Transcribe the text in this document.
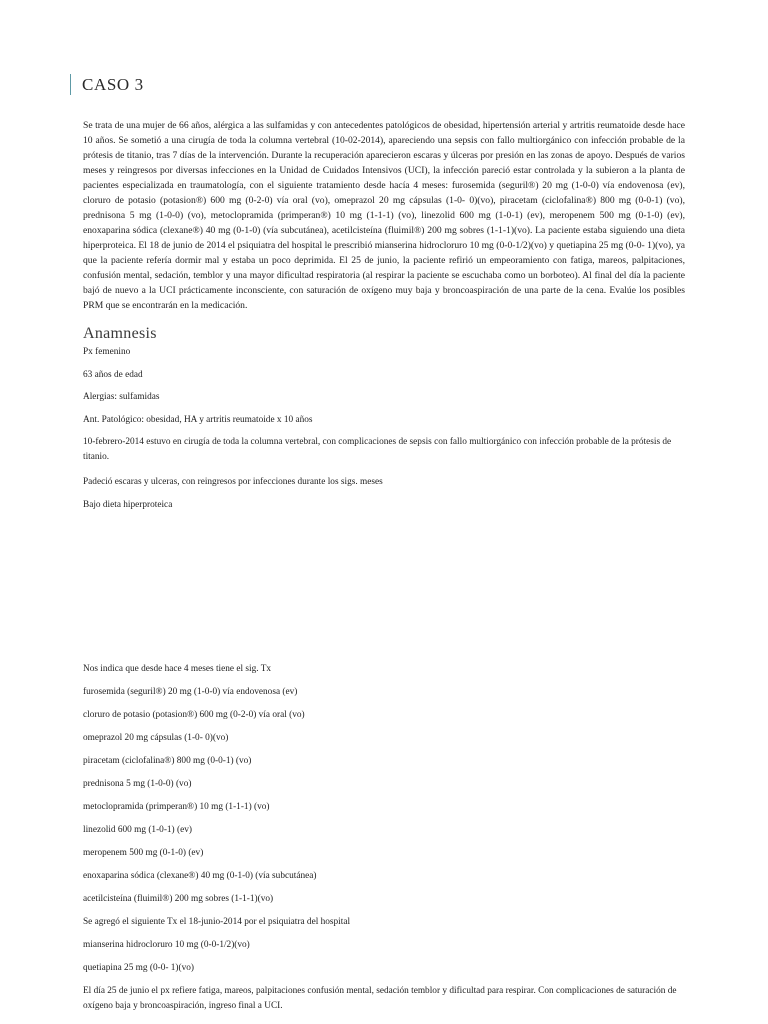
CASO 3

Se trata de una mujer de 66 años, alérgica a las sulfamidas y con antecedentes patológicos de obesidad, hipertensión arterial y artritis reumatoide desde hace 10 años. Se sometió a una cirugía de toda la columna vertebral (10-02-2014), apareciendo una sepsis con fallo multiorgánico con infección probable de la prótesis de titanio, tras 7 días de la intervención. Durante la recuperación aparecieron escaras y úlceras por presión en las zonas de apoyo. Después de varios meses y reingresos por diversas infecciones en la Unidad de Cuidados Intensivos (UCI), la infección pareció estar controlada y la subieron a la planta de pacientes especializada en traumatología, con el siguiente tratamiento desde hacía 4 meses: furosemida (seguril®) 20 mg (1-0-0) vía endovenosa (ev), cloruro de potasio (potasion®) 600 mg (0-2-0) vía oral (vo), omeprazol 20 mg cápsulas (1-0- 0)(vo), piracetam (ciclofalina®) 800 mg (0-0-1) (vo), prednisona 5 mg (1-0-0) (vo), metoclopramida (primperan®) 10 mg (1-1-1) (vo), linezolid 600 mg (1-0-1) (ev), meropenem 500 mg (0-1-0) (ev), enoxaparina sódica (clexane®) 40 mg (0-1-0) (vía subcutánea), acetilcisteína (fluimil®) 200 mg sobres (1-1-1)(vo). La paciente estaba siguiendo una dieta hiperproteica. El 18 de junio de 2014 el psiquiatra del hospital le prescribió mianserina hidrocloruro 10 mg (0-0-1/2)(vo) y quetiapina 25 mg (0-0- 1)(vo), ya que la paciente refería dormir mal y estaba un poco deprimida. El 25 de junio, la paciente refirió un empeoramiento con fatiga, mareos, palpitaciones, confusión mental, sedación, temblor y una mayor dificultad respiratoria (al respirar la paciente se escuchaba como un borboteo). Al final del día la paciente bajó de nuevo a la UCI prácticamente inconsciente, con saturación de oxígeno muy baja y broncoaspiración de una parte de la cena. Evalúe los posibles PRM que se encontrarán en la medicación.

Anamnesis

Px femenino

63 años de edad

Alergias: sulfamidas

Ant. Patológico: obesidad, HA y artritis reumatoide x 10 años

10-febrero-2014 estuvo en cirugía de toda la columna vertebral, con complicaciones de sepsis con fallo multiorgánico con infección probable de la prótesis de titanio.

Padeció escaras y ulceras, con reingresos por infecciones durante los sigs. meses

Bajo dieta hiperproteica

Nos indica que desde hace 4 meses tiene el sig. Tx

furosemida (seguril®) 20 mg (1-0-0) vía endovenosa (ev)

cloruro de potasio (potasion®) 600 mg (0-2-0) vía oral (vo)

omeprazol 20 mg cápsulas (1-0- 0)(vo)

piracetam (ciclofalina®) 800 mg (0-0-1) (vo)

prednisona 5 mg (1-0-0) (vo)

metoclopramida (primperan®) 10 mg (1-1-1) (vo)

linezolid 600 mg (1-0-1) (ev)

meropenem 500 mg (0-1-0) (ev)

enoxaparina sódica (clexane®) 40 mg (0-1-0) (vía subcutánea)

acetilcisteína (fluimil®) 200 mg sobres (1-1-1)(vo)

Se agregó el siguiente Tx el 18-junio-2014 por el psiquiatra del hospital

mianserina hidrocloruro 10 mg (0-0-1/2)(vo)

quetiapina 25 mg (0-0- 1)(vo)

El día 25 de junio el px refiere fatiga, mareos, palpitaciones confusión mental, sedación temblor y dificultad para respirar. Con complicaciones de saturación de oxígeno baja y broncoaspiración, ingreso final a UCI.
